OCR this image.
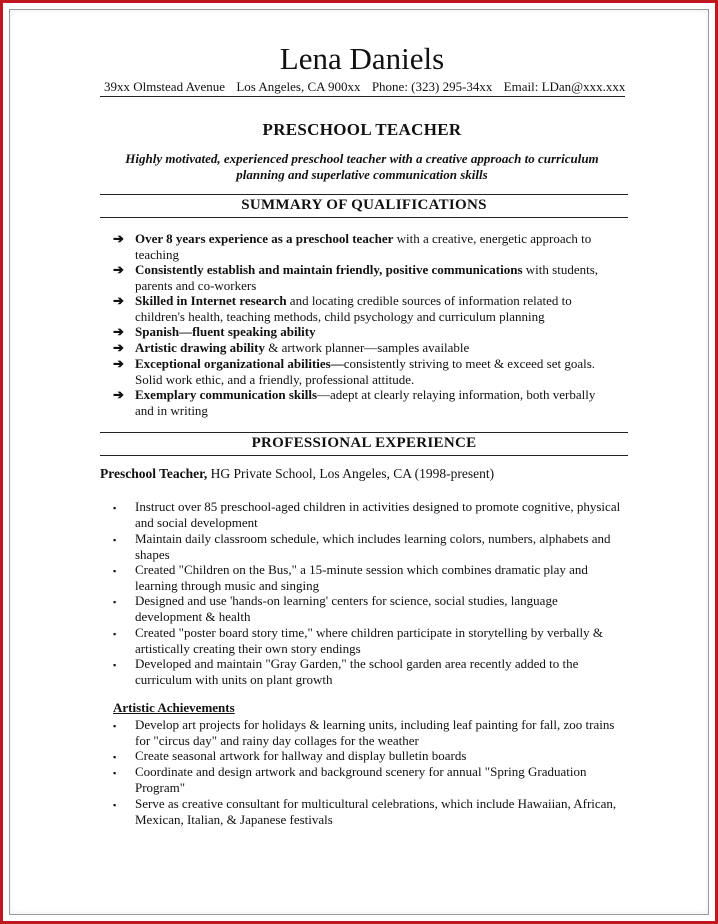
Lena Daniels
39xx Olmstead Avenue Los Angeles, CA 900xx Phone: (323) 295-34xx Email: LDan@xxx.xxx
PRESCHOOL TEACHER
Highly motivated, experienced preschool teacher with a creative approach to curriculum
planning and superlative communication skills
SUMMARY OF QUALIFICATIONS
➔ Over 8 years experience as a preschool teacher with a creative, energetic approach to
teaching
➔ Consistently establish and maintain friendly, positive communications with students,
parents and co-workers
➔ Skilled in Internet research and locating credible sources of information related to
children's health, teaching methods, child psychology and curriculum planning
➔ Spanish—fluent speaking ability
➔ Artistic drawing ability & artwork planner—samples available
➔ Exceptional organizational abilities—consistently striving to meet & exceed set goals.
Solid work ethic, and a friendly, professional attitude.
➔ Exemplary communication skills—adept at clearly relaying information, both verbally
and in writing
PROFESSIONAL EXPERIENCE
Preschool Teacher, HG Private School, Los Angeles, CA (1998-present)
▪ Instruct over 85 preschool-aged children in activities designed to promote cognitive, physical
and social development
▪ Maintain daily classroom schedule, which includes learning colors, numbers, alphabets and
shapes
▪ Created "Children on the Bus," a 15-minute session which combines dramatic play and
learning through music and singing
▪ Designed and use 'hands-on learning' centers for science, social studies, language
development & health
▪ Created "poster board story time," where children participate in storytelling by verbally &
artistically creating their own story endings
▪ Developed and maintain "Gray Garden," the school garden area recently added to the
curriculum with units on plant growth
Artistic Achievements
▪ Develop art projects for holidays & learning units, including leaf painting for fall, zoo trains
for "circus day" and rainy day collages for the weather
▪ Create seasonal artwork for hallway and display bulletin boards
▪ Coordinate and design artwork and background scenery for annual "Spring Graduation
Program"
▪ Serve as creative consultant for multicultural celebrations, which include Hawaiian, African,
Mexican, Italian, & Japanese festivals
